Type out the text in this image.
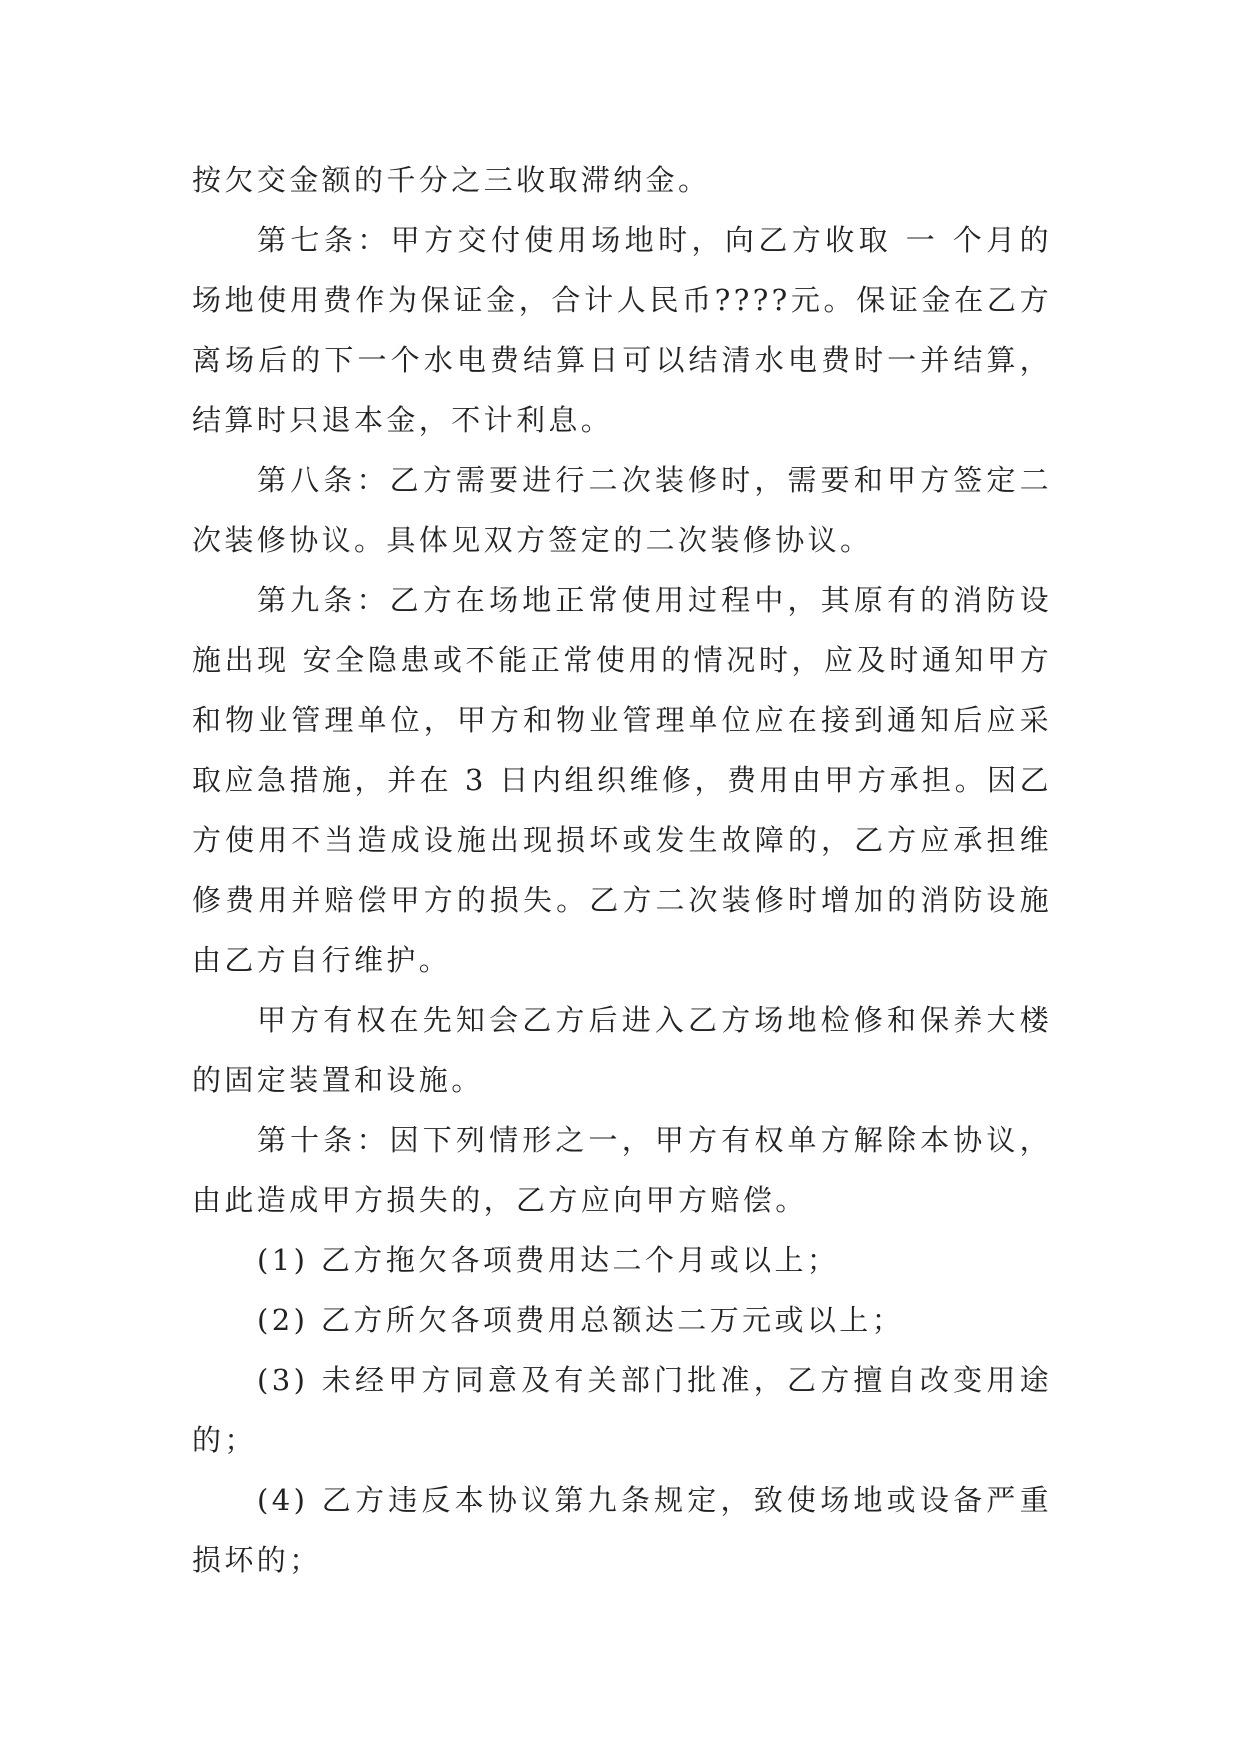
按欠交金额的千分之三收取滞纳金。

第七条：甲方交付使用场地时，向乙方收取 一 个月的场地使用费作为保证金，合计人民币????元。保证金在乙方离场后的下一个水电费结算日可以结清水电费时一并结算，结算时只退本金，不计利息。

第八条：乙方需要进行二次装修时，需要和甲方签定二次装修协议。具体见双方签定的二次装修协议。

第九条：乙方在场地正常使用过程中，其原有的消防设施出现 安全隐患或不能正常使用的情况时，应及时通知甲方和物业管理单位，甲方和物业管理单位应在接到通知后应采取应急措施，并在 3 日内组织维修，费用由甲方承担。因乙方使用不当造成设施出现损坏或发生故障的，乙方应承担维修费用并赔偿甲方的损失。乙方二次装修时增加的消防设施由乙方自行维护。

甲方有权在先知会乙方后进入乙方场地检修和保养大楼的固定装置和设施。

第十条：因下列情形之一，甲方有权单方解除本协议，由此造成甲方损失的，乙方应向甲方赔偿。

(1) 乙方拖欠各项费用达二个月或以上；

(2) 乙方所欠各项费用总额达二万元或以上；

(3) 未经甲方同意及有关部门批准，乙方擅自改变用途的；

(4) 乙方违反本协议第九条规定，致使场地或设备严重损坏的；
